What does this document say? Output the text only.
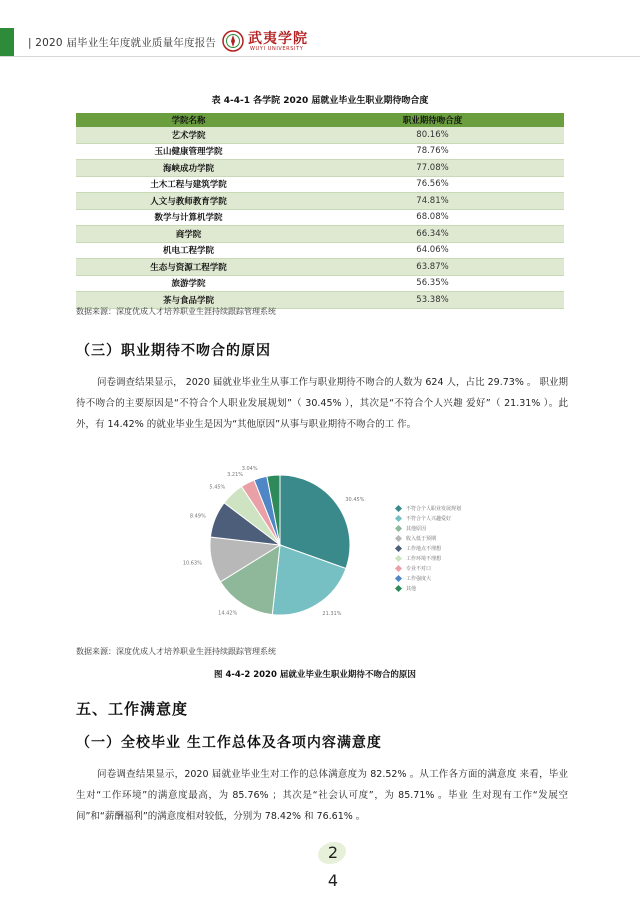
| 2020 届毕业生年度就业质量年度报告 武夷学院
WUYI UNIVERSITY
表 4-4-1 各学院 2020 届就业毕业生职业期待吻合度
学院名称	职业期待吻合度
艺术学院	80.16%
玉山健康管理学院	78.76%
海峡成功学院	77.08%
土木工程与建筑学院	76.56%
人文与教师教育学院	74.81%
数学与计算机学院	68.08%
商学院	66.34%
机电工程学院	64.06%
生态与资源工程学院	63.87%
旅游学院	56.35%
茶与食品学院	53.38%
数据来源：深度优成人才培养职业生涯持续跟踪管理系统
（三）职业期待不吻合的原因
问卷调查结果显示， 2020 届就业毕业生从事工作与职业期待不吻合的人数为 624 人，占比 29.73% 。 职业期待不吻合的主要原因是“不符合个人职业发展规划”（ 30.45% ），其次是“不符合个人兴趣 爱好”（ 21.31% ）。此外，有 14.42% 的就业毕业生是因为“其他原因”从事与职业期待不吻合的工 作。
30.45%
21.31%
14.42%
10.63%
8.49%
5.45%
3.21%
3.04%
不符合个人职业发展规划
不符合个人兴趣爱好
其他原因
收入低于预期
工作地点不理想
工作环境不理想
专业不对口
工作强度大
其他
数据来源：深度优成人才培养职业生涯持续跟踪管理系统
图 4-4-2 2020 届就业毕业生职业期待不吻合的原因
五、工作满意度
（一）全校毕业 生工作总体及各项内容满意度
问卷调查结果显示，2020 届就业毕业生对工作的总体满意度为 82.52% 。从工作各方面的满意度 来看，毕业生对“工作环境”的满意度最高，为 85.76% ；其次是“社会认可度”，为 85.71% 。毕业 生对现有工作“发展空间”和“薪酬福利”的满意度相对较低，分别为 78.42% 和 76.61% 。
2
4
